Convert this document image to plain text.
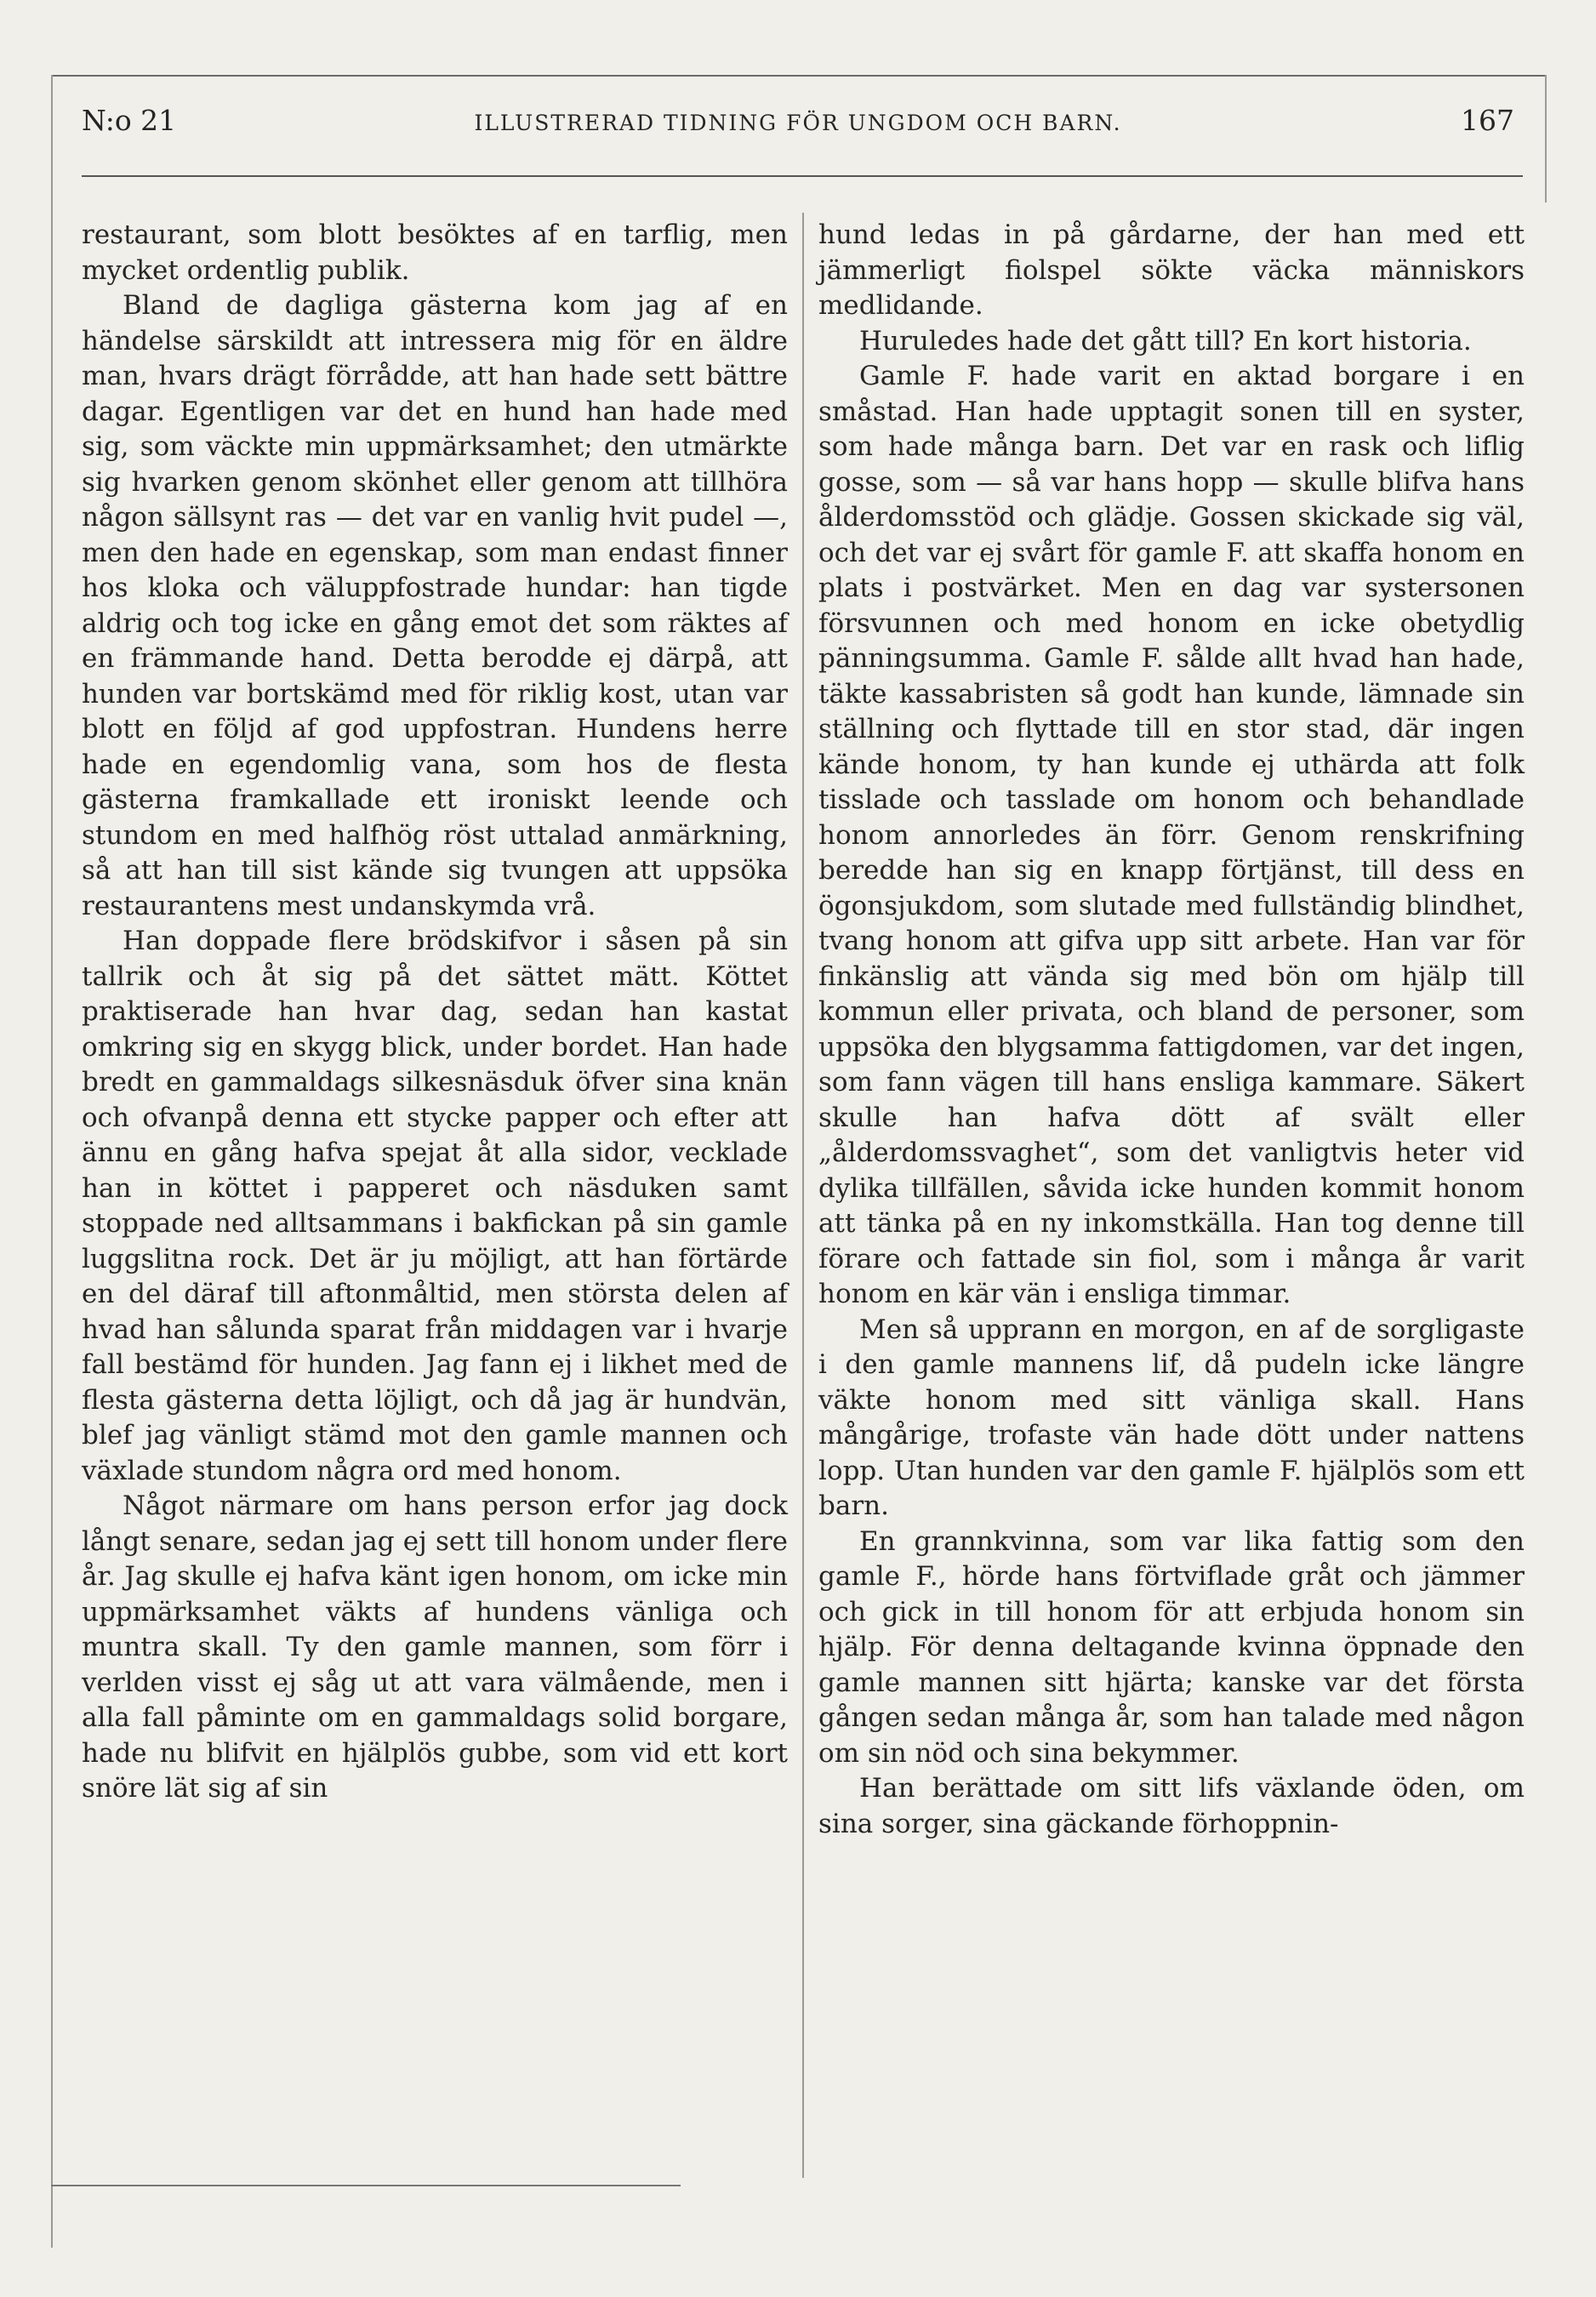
N:o 21	ILLUSTRERAD TIDNING FÖR UNGDOM OCH BARN.	167

restaurant, som blott besöktes af en tarflig, men mycket ordentlig publik.

Bland de dagliga gästerna kom jag af en händelse särskildt att intressera mig för en äldre man, hvars drägt förrådde, att han hade sett bättre dagar. Egentligen var det en hund han hade med sig, som väckte min uppmärksamhet; den utmärkte sig hvarken genom skönhet eller genom att tillhöra någon sällsynt ras — det var en vanlig hvit pudel —, men den hade en egenskap, som man endast finner hos kloka och väluppfostrade hundar: han tigde aldrig och tog icke en gång emot det som räktes af en främmande hand. Detta berodde ej därpå, att hunden var bortskämd med för riklig kost, utan var blott en följd af god uppfostran. Hundens herre hade en egendomlig vana, som hos de flesta gästerna framkallade ett ironiskt leende och stundom en med halfhög röst uttalad anmärkning, så att han till sist kände sig tvungen att uppsöka restaurantens mest undanskymda vrå.

Han doppade flere brödskifvor i såsen på sin tallrik och åt sig på det sättet mätt. Köttet praktiserade han hvar dag, sedan han kastat omkring sig en skygg blick, under bordet. Han hade bredt en gammaldags silkesnäsduk öfver sina knän och ofvanpå denna ett stycke papper och efter att ännu en gång hafva spejat åt alla sidor, vecklade han in köttet i papperet och näsduken samt stoppade ned alltsammans i bakfickan på sin gamle luggslitna rock. Det är ju möjligt, att han förtärde en del däraf till aftonmåltid, men största delen af hvad han sålunda sparat från middagen var i hvarje fall bestämd för hunden. Jag fann ej i likhet med de flesta gästerna detta löjligt, och då jag är hundvän, blef jag vänligt stämd mot den gamle mannen och växlade stundom några ord med honom.

Något närmare om hans person erfor jag dock långt senare, sedan jag ej sett till honom under flere år. Jag skulle ej hafva känt igen honom, om icke min uppmärksamhet väkts af hundens vänliga och muntra skall. Ty den gamle mannen, som förr i verlden visst ej såg ut att vara välmående, men i alla fall påminte om en gammaldags solid borgare, hade nu blifvit en hjälplös gubbe, som vid ett kort snöre lät sig af sin

hund ledas in på gårdarne, der han med ett jämmerligt fiolspel sökte väcka människors medlidande.

Huruledes hade det gått till? En kort historia.

Gamle F. hade varit en aktad borgare i en småstad. Han hade upptagit sonen till en syster, som hade många barn. Det var en rask och liflig gosse, som — så var hans hopp — skulle blifva hans ålderdomsstöd och glädje. Gossen skickade sig väl, och det var ej svårt för gamle F. att skaffa honom en plats i postvärket. Men en dag var systersonen försvunnen och med honom en icke obetydlig pänningsumma. Gamle F. sålde allt hvad han hade, täkte kassabristen så godt han kunde, lämnade sin ställning och flyttade till en stor stad, där ingen kände honom, ty han kunde ej uthärda att folk tisslade och tasslade om honom och behandlade honom annorledes än förr. Genom renskrifning beredde han sig en knapp förtjänst, till dess en ögonsjukdom, som slutade med fullständig blindhet, tvang honom att gifva upp sitt arbete. Han var för finkänslig att vända sig med bön om hjälp till kommun eller privata, och bland de personer, som uppsöka den blygsamma fattigdomen, var det ingen, som fann vägen till hans ensliga kammare. Säkert skulle han hafva dött af svält eller „ålderdomssvaghet“, som det vanligtvis heter vid dylika tillfällen, såvida icke hunden kommit honom att tänka på en ny inkomstkälla. Han tog denne till förare och fattade sin fiol, som i många år varit honom en kär vän i ensliga timmar.

Men så upprann en morgon, en af de sorgligaste i den gamle mannens lif, då pudeln icke längre väkte honom med sitt vänliga skall. Hans mångårige, trofaste vän hade dött under nattens lopp. Utan hunden var den gamle F. hjälplös som ett barn.

En grannkvinna, som var lika fattig som den gamle F., hörde hans förtviflade gråt och jämmer och gick in till honom för att erbjuda honom sin hjälp. För denna deltagande kvinna öppnade den gamle mannen sitt hjärta; kanske var det första gången sedan många år, som han talade med någon om sin nöd och sina bekymmer.

Han berättade om sitt lifs växlande öden, om sina sorger, sina gäckande förhoppnin-
